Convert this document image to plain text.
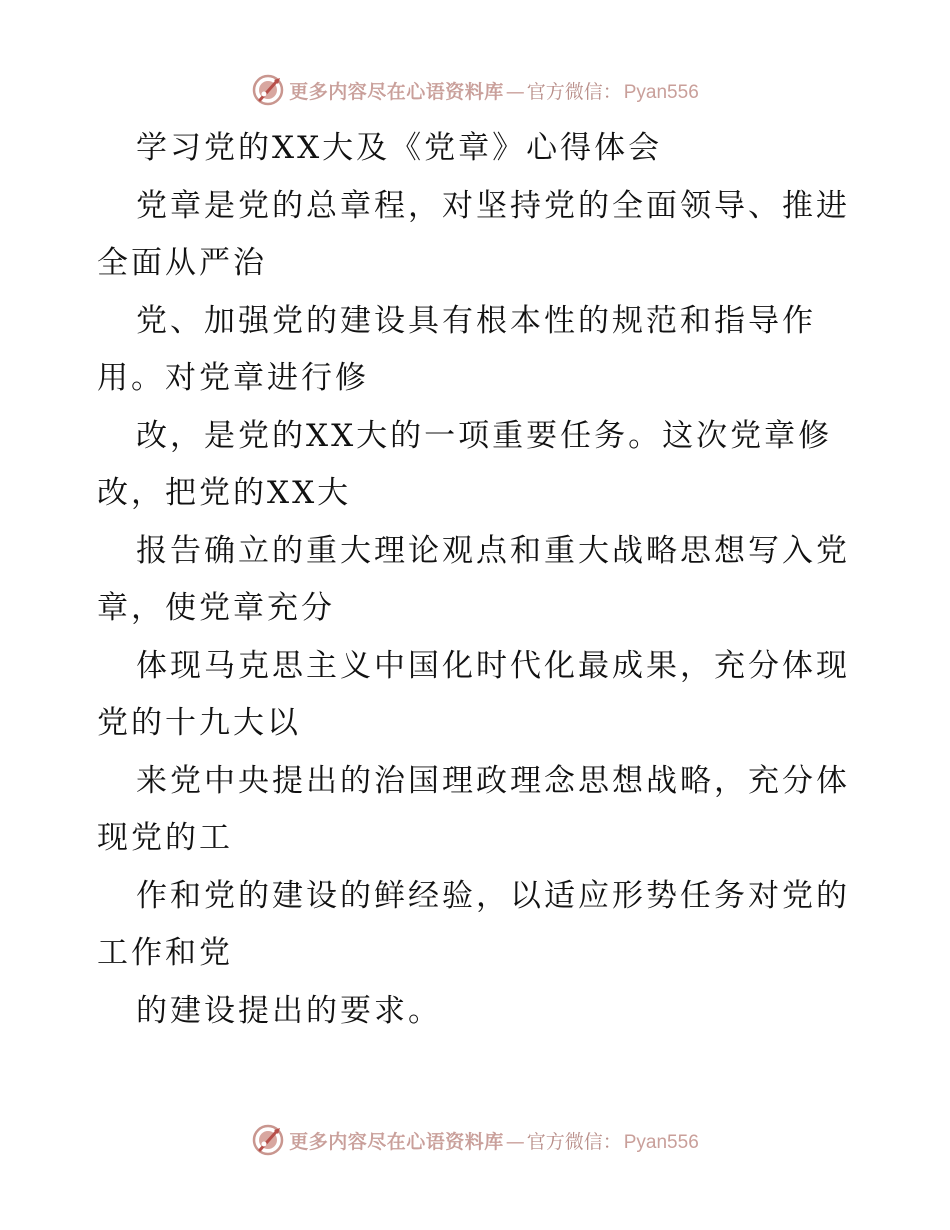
更多内容尽在心语资料库 — 官方微信： Pyan556

学习党的XX大及《党章》心得体会

党章是党的总章程，对坚持党的全面领导、推进

全面从严治

党、加强党的建设具有根本性的规范和指导作

用。对党章进行修

改，是党的XX大的一项重要任务。这次党章修

改，把党的XX大

报告确立的重大理论观点和重大战略思想写入党

章，使党章充分

体现马克思主义中国化时代化最成果，充分体现

党的十九大以

来党中央提出的治国理政理念思想战略，充分体

现党的工

作和党的建设的鲜经验，以适应形势任务对党的

工作和党

的建设提出的要求。

更多内容尽在心语资料库 — 官方微信： Pyan556
